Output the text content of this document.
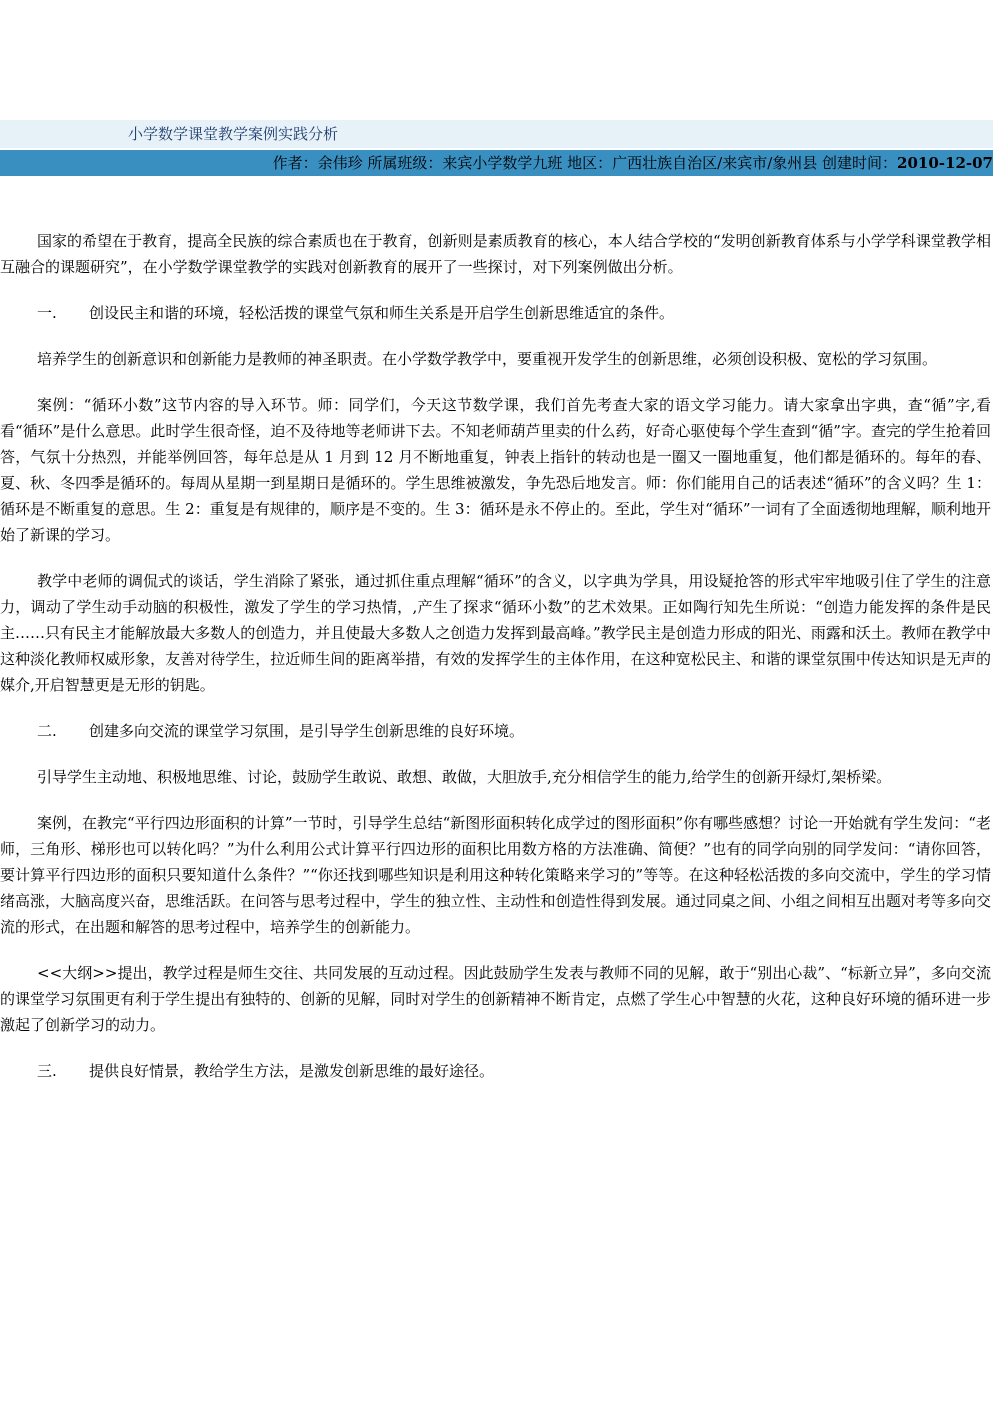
小学数学课堂教学案例实践分析
作者：余伟珍 所属班级：来宾小学数学九班 地区：广西壮族自治区/来宾市/象州县 创建时间：2010-12-07

国家的希望在于教育，提高全民族的综合素质也在于教育，创新则是素质教育的核心，本人结合学校的“发明创新教育体系与小学学科课堂教学相互融合的课题研究”，在小学数学课堂教学的实践对创新教育的展开了一些探讨，对下列案例做出分析。

一. 创设民主和谐的环境，轻松活拨的课堂气氛和师生关系是开启学生创新思维适宜的条件。

培养学生的创新意识和创新能力是教师的神圣职责。在小学数学教学中，要重视开发学生的创新思维，必须创设积极、宽松的学习氛围。

案例：“循环小数”这节内容的导入环节。师：同学们，今天这节数学课，我们首先考查大家的语文学习能力。请大家拿出字典，查“循”字,看看“循环”是什么意思。此时学生很奇怪，迫不及待地等老师讲下去。不知老师葫芦里卖的什么药，好奇心驱使每个学生查到“循”字。查完的学生抢着回答，气氛十分热烈，并能举例回答，每年总是从 1 月到 12 月不断地重复，钟表上指针的转动也是一圈又一圈地重复，他们都是循环的。每年的春、夏、秋、冬四季是循环的。每周从星期一到星期日是循环的。学生思维被激发，争先恐后地发言。师：你们能用自己的话表述“循环”的含义吗？生 1：循环是不断重复的意思。生 2：重复是有规律的，顺序是不变的。生 3：循环是永不停止的。至此，学生对“循环”一词有了全面透彻地理解，顺利地开始了新课的学习。

教学中老师的调侃式的谈话，学生消除了紧张，通过抓住重点理解“循环”的含义，以字典为学具，用设疑抢答的形式牢牢地吸引住了学生的注意力，调动了学生动手动脑的积极性，激发了学生的学习热情，,产生了探求“循环小数”的艺术效果。正如陶行知先生所说：“创造力能发挥的条件是民主……只有民主才能解放最大多数人的创造力，并且使最大多数人之创造力发挥到最高峰。”教学民主是创造力形成的阳光、雨露和沃土。教师在教学中这种淡化教师权威形象，友善对待学生，拉近师生间的距离举措，有效的发挥学生的主体作用，在这种宽松民主、和谐的课堂氛围中传达知识是无声的媒介,开启智慧更是无形的钥匙。

二. 创建多向交流的课堂学习氛围，是引导学生创新思维的良好环境。

引导学生主动地、积极地思维、讨论，鼓励学生敢说、敢想、敢做，大胆放手,充分相信学生的能力,给学生的创新开绿灯,架桥梁。

案例，在教完“平行四边形面积的计算”一节时，引导学生总结“新图形面积转化成学过的图形面积”你有哪些感想？讨论一开始就有学生发问：“老师，三角形、梯形也可以转化吗？”为什么利用公式计算平行四边形的面积比用数方格的方法准确、简便？”也有的同学向别的同学发问：“请你回答，要计算平行四边形的面积只要知道什么条件？”“你还找到哪些知识是利用这种转化策略来学习的”等等。在这种轻松活拨的多向交流中，学生的学习情绪高涨，大脑高度兴奋，思维活跃。在问答与思考过程中，学生的独立性、主动性和创造性得到发展。通过同桌之间、小组之间相互出题对考等多向交流的形式，在出题和解答的思考过程中，培养学生的创新能力。

<<大纲>>提出，教学过程是师生交往、共同发展的互动过程。因此鼓励学生发表与教师不同的见解，敢于“别出心裁”、“标新立异”，多向交流的课堂学习氛围更有利于学生提出有独特的、创新的见解，同时对学生的创新精神不断肯定，点燃了学生心中智慧的火花，这种良好环境的循环进一步激起了创新学习的动力。

三. 提供良好情景，教给学生方法，是激发创新思维的最好途径。
